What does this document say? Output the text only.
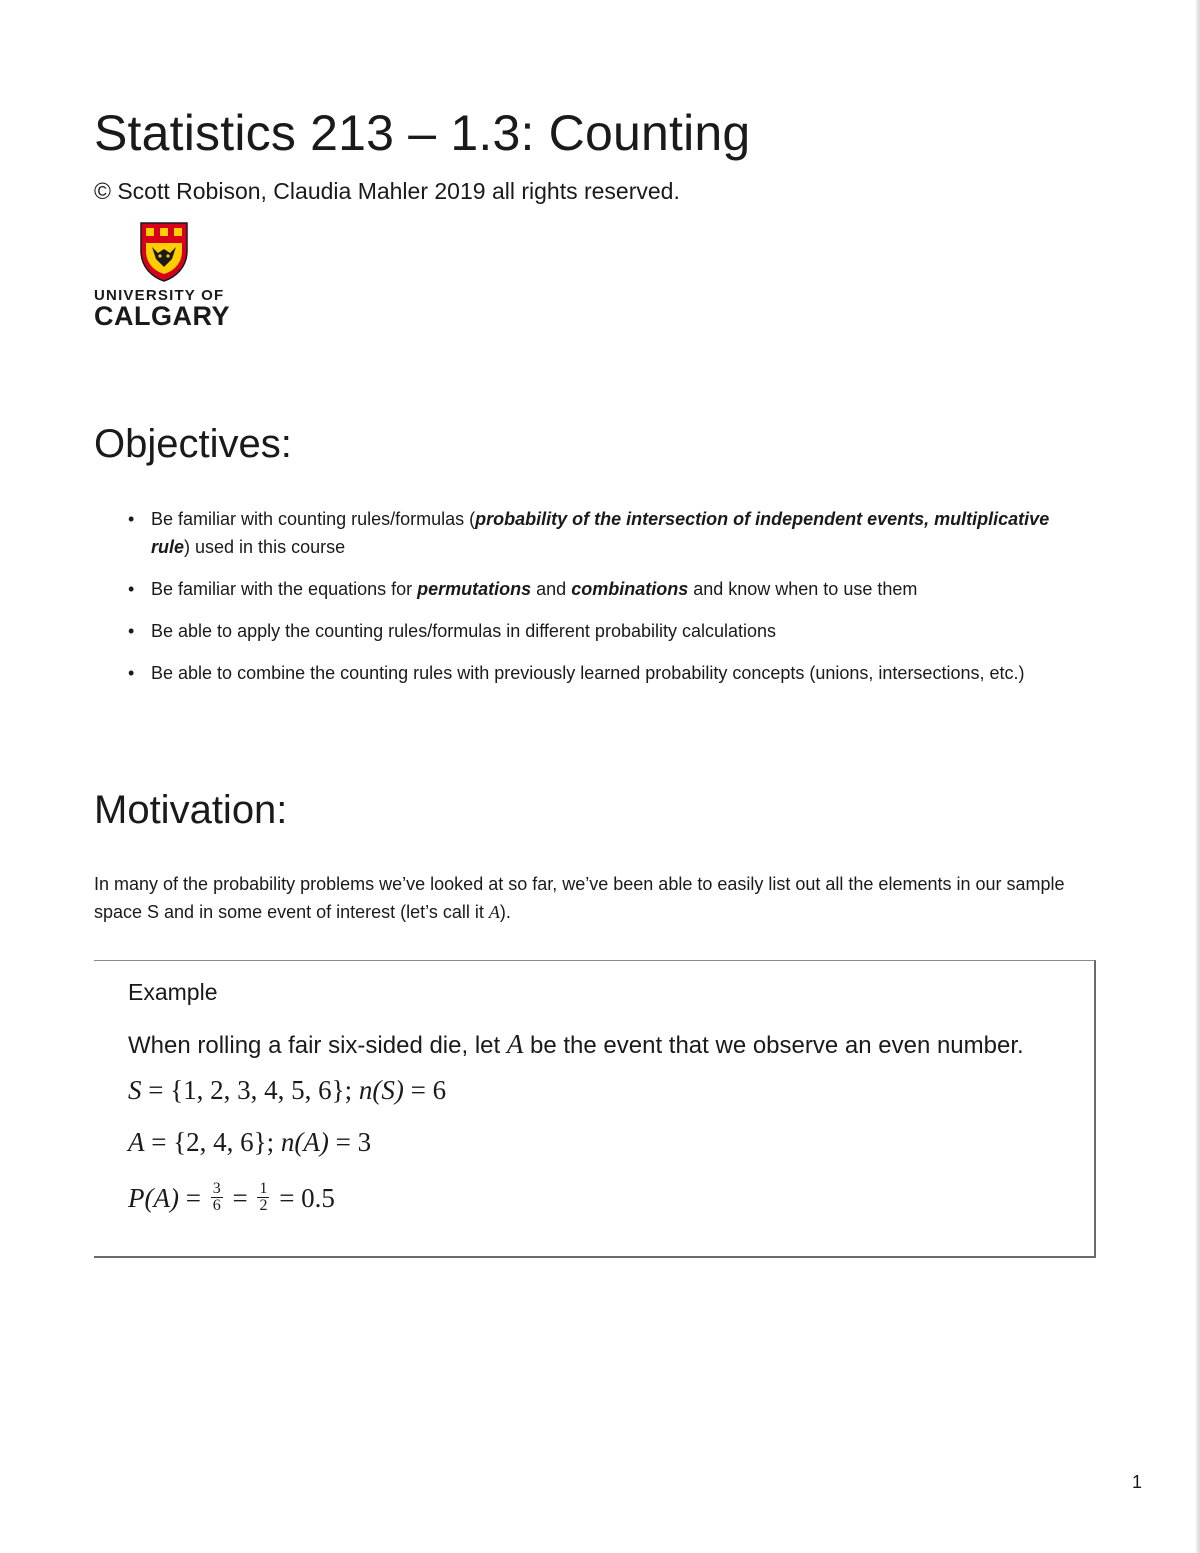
Statistics 213 – 1.3: Counting
© Scott Robison, Claudia Mahler 2019 all rights reserved.
UNIVERSITY OF
CALGARY
Objectives:
• Be familiar with counting rules/formulas (probability of the intersection of independent events, multiplicative rule) used in this course
• Be familiar with the equations for permutations and combinations and know when to use them
• Be able to apply the counting rules/formulas in different probability calculations
• Be able to combine the counting rules with previously learned probability concepts (unions, intersections, etc.)
Motivation:
In many of the probability problems we’ve looked at so far, we’ve been able to easily list out all the elements in our sample space S and in some event of interest (let’s call it A).
Example
When rolling a fair six-sided die, let A be the event that we observe an even number.
S = {1, 2, 3, 4, 5, 6}; n(S) = 6
A = {2, 4, 6}; n(A) = 3
$P(A) = \frac{3}{6} = \frac{1}{2} = 0.5$
1
